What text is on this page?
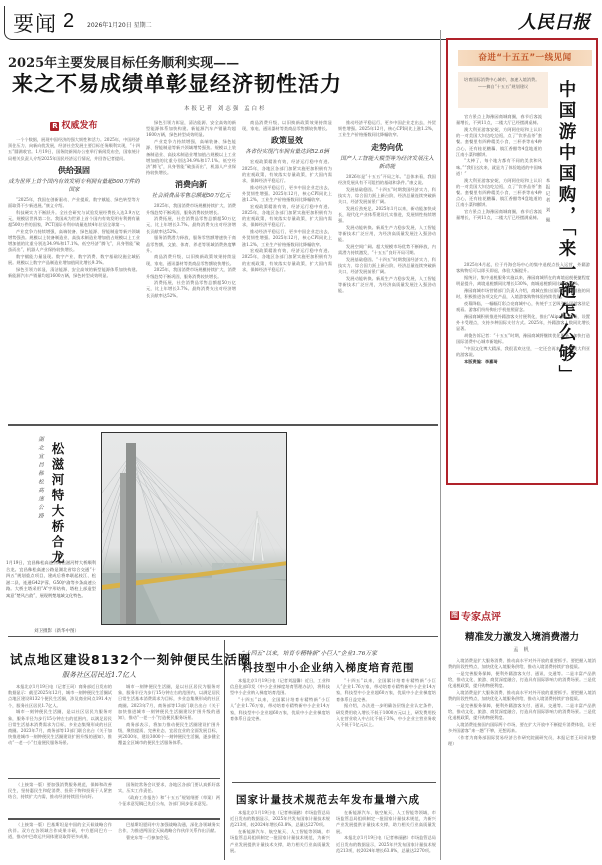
要闻 2 2026年1月20日 星期二	人民日报
2025年主要发展目标任务顺利实现——
来之不易成绩单彰显经济韧性活力
本报记者 刘志强 孟白杉
R 权威发布

一个个数据，展现中国经济的强大韧性和活力。2025年，中国经济顶住压力、向新向优发展，经济社会发展主要目标任务顺利实现，“十四五”圆满收官。1月19日，国务院新闻办公室举行新闻发布会，国家统计局相关负责人介绍2025年国民经济运行情况，并回答记者提问。

供给强固
成为世界上首个国内有效发明专利拥有量超500万件的国家

“2025年，我国在创新驱动、产业提质、数字赋能、绿色转型等方面取得不少新进展。”康义介绍。

科技硬实力不断跃升。全社会研究与试验发展经费投入达3.9万亿元，规模居世界第二位。我国成为世界上首个国内有效发明专利拥有量超500万件的国家，PCT国际专利申请量连续4年位居全球第一。

产业竞争力持续增强，高端装备、绿色能源、智能制造等新兴领域增势强劲。规模以上装备制造业、高技术制造业增加值占规模以上工业增加值的比重分别达34.9%和17.1%。低空经济“腾飞”，具身智能“破茧而出”，机器人产业保持较快增长。

数字赋能力量显现。数字产业、数字消费、数字基础设施全域拓展。规模以上数字产品制造业增加值同比增长9.3%。

绿色引领力彰显，清洁能源、安全高效的新型能源体系加快构建。新能源汽车产销量均超1600万辆，绿色转型成效明显。

绿色引领力彰显，清洁能源、安全高效的新型能源体系加快构建。新能源汽车产销量均超1600万辆，绿色转型成效明显。

产业竞争力持续增强，高端装备、绿色能源、智能制造等新兴领域增势强劲。规模以上装备制造业、高技术制造业增加值占规模以上工业增加值的比重分别达34.9%和17.1%。低空经济“腾飞”，具身智能“破茧而出”，机器人产业保持较快增长。

消费向新
社会消费品零售总额超50万亿元

2025年，我国消费市场规模持续扩大，消费升级趋势不断巩固，服务消费较快增长。

消费拓展，社会消费品零售总额超50万亿元，比上年增长3.7%。最终消费支出对经济增长贡献率达52%。

服务消费潜力释放，服务零售额增速快于商品零售额，文旅、体育、养老等领域消费热度攀升。

商品消费升级，以旧换新政策效果持续显现，家电、通讯器材等类商品零售额较快增长。

2025年，我国消费市场规模持续扩大，消费升级趋势不断巩固，服务消费较快增长。

消费拓展，社会消费品零售总额超50万亿元，比上年增长3.7%。最终消费支出对经济增长贡献率达52%。

商品消费升级，以旧换新政策效果持续显现，家电、通讯器材等类商品零售额较快增长。

政策显效
各省份实现汽车拥有量达到52.6辆

宏观政策精准有效，经济运行稳中有进。2025年，各地区各部门加紧实施更加积极有为的宏观政策，有效落实存量政策，扩大国内需求，保障经济平稳运行。

推动经济平稳运行，更多中国企业走出去，外贸韧性增强。2025年12月，核心CPI同比上涨1.2%，工业生产价格指数同比降幅收窄。

宏观政策精准有效，经济运行稳中有进。2025年，各地区各部门加紧实施更加积极有为的宏观政策，有效落实存量政策，扩大国内需求，保障经济平稳运行。

推动经济平稳运行，更多中国企业走出去，外贸韧性增强。2025年12月，核心CPI同比上涨1.2%，工业生产价格指数同比降幅收窄。

宏观政策精准有效，经济运行稳中有进。2025年，各地区各部门加紧实施更加积极有为的宏观政策，有效落实存量政策，扩大国内需求，保障经济平稳运行。

推动经济平稳运行，更多中国企业走出去，外贸韧性增强。2025年12月，核心CPI同比上涨1.2%，工业生产价格指数同比降幅收窄。

走势向优
国产人工智能大模型等为经济发展注入新动能

2026年是“十五五”开局之年。“总体来看，我国经济发展具有不可阻挡的基础和条件。”康义说。

发展基础稳固。“十四五”时期我国经济实力、科技实力、综合国力跃上新台阶，经济总量连续突破新关口，经济发展前景广阔。

发展后劲充足。2025年1月以来，新动能加快成长，现代化产业体系建设扎实推进，发展韧性持续增强。

发展动能转换。新质生产力稳步发展，人工智能等新技术广泛应用，为经济高质量发展注入强劲动能。

发展空间广阔。超大规模市场优势不断释放，内需潜力持续激发，“十五五”良好开局可期。

发展基础稳固。“十四五”时期我国经济实力、科技实力、综合国力跃上新台阶，经济总量连续突破新关口，经济发展前景广阔。

发展动能转换。新质生产力稳步发展，人工智能等新技术广泛应用，为经济高质量发展注入强劲动能。

湖北宜昌秭松高速公路 松滋河特大桥合龙
1月19日，宜昌秭松高速公路松滋河特大桥顺利合龙。宜昌秭松高速公路是湖北省综合交通“十四五”规划重点项目，建成后将串联起枝江、松滋二县，连通G42沪蓉、G50沪渝等多条高速公路。大桥主塔采用“A”字形结构，塔柱上部造型寓意“楚风古韵”，展现荆楚地域文化特色。
刘卫摄影（新华中图）
试点地区建设8132个一刻钟便民生活圈
服务社区居民近1.7亿人

本报北京1月19日电（记者王珂）商务部近日发布的数据显示：截至2025年12月，城市一刻钟便民生活圈试点地区建设8132个便民生活圈，涉及商业网点191.4万个，服务社区居民1.7亿人。

城市一刻钟便民生活圈，是以社区居民为服务对象，服务半径为步行15分钟左右的范围内，以满足居民日常生活基本消费需求为目标，多业态集聚形成的社区商圈。2023年7月，商务部等13部门联合出台《关于加快推进城市一刻钟便民生活圈建设扩围升级的通知》，推动“一老一小”打造便民服务场景。

城市一刻钟便民生活圈，是以社区居民为服务对象，服务半径为步行15分钟左右的范围内，以满足居民日常生活基本消费需求为目标，多业态集聚形成的社区商圈。2023年7月，商务部等13部门联合出台《关于加快推进城市一刻钟便民生活圈建设扩围升级的通知》，推动“一老一小”打造便民服务场景。

商务部表示，将加力推动便民生活圈建设扩围升级，聚焦提质、完善业态、宜居宜业的全面发展目标，到2030年，建设3000个一刻钟便民生活圈，逐步健全覆盖全区城市的便民生活服务体系。

（上接第一版）要加强消费服务规范，保障和改善民生，坚持惠民生和促消费、投资于物和投资于人紧密结合，持续扩大内需，推动经济持续回升向好。

国务院常务会议要求，各地区各部门要认真抓好落实，压实工作责任。

《政府工作报告》和“十五五”规划纲要（草案）两个征求意见稿已先后公布，各部门同步征求意见。

（上接第一版）巴基斯坦是中国的全天候战略合作伙伴。双方在各领域合作成果丰硕，中方愿同巴方一道，推动中巴命运共同体建设取得更多成果。

巴基斯坦愿同中方加强战略沟通，深化各领域务实合作，为推进两国全天候战略合作伙伴关系作出贡献。

曹宪东等一行参加会见。

“十四五”以来，培育专精特新“小巨人”企业1.76万家
科技型中小企业纳入梯度培育范围

本报北京1月19日电（记者刘温馨）近日，工业和信息化部印发《中小企业梯度培育管理办法》，将科技型中小企业纳入梯度培育范围。

“十四五”以来，全国累计培育专精特新“小巨人”企业1.76万家，带动培育专精特新中小企业14万家，科技型中小企业超60万家，优质中小企业梯度培育体系日益完善。

“十四五”以来，全国累计培育专精特新“小巨人”企业1.76万家，带动培育专精特新中小企业14万家，科技型中小企业超60万家，优质中小企业梯度培育体系日益完善。

据介绍，办法进一步明确各层级企业认定条件，研发费用收入增长不低于1000万元以上，研发费用投入在营业收入中占比不低于3%，中小企业主营业务收入不低于1亿元以上。

国家计量技术规范去年发布量增六成

本报北京1月19日电（记者林丽鹂）市场监管总局近日发布的数据显示，2025年共发布国家计量技术规范213项，较2024年增长63.8%，总量达2270项。

在新能源汽车、航空航天、人工智能等领域，市场监管总局组织制定一批国家计量技术规范，为新兴产业发展提供计量技术支撑，助力相关行业高质量发展。

在新能源汽车、航空航天、人工智能等领域，市场监管总局组织制定一批国家计量技术规范，为新兴产业发展提供计量技术支撑，助力相关行业高质量发展。

本报北京1月19日电（记者林丽鹂）市场监管总局近日发布的数据显示，2025年共发布国家计量技术规范213项，较2024年增长63.8%，总量达2270项。

奋进“十五五”一线见闻
培育国际消费中心城市，加速入境消费。
——摘自“十五五”规划建议	中国游中国购，「来一趟怎么够」
本报记者 刘 佩

官方景点上海豫园商城商圈，春节后客流量增长，不到11点，二楼大厅已经摆满桌椅。

澳大利亚游客安妮，方阿阿往昭和上认识的一对美国大妇边吃边逛，点了“饮茶品茶”套餐。套餐里有四种精美小食，三杯茶等布4种点心，还有桂花糖藕、镇江香醋等4盘地道的江南小菜和酥饼。

“太棒了，每个地方都有不同的美食和风味。”“我们这次来，就是为了体验地道的中国味道！”

澳大利亚游客安妮，方阿阿往昭和上认识的一对美国大妇边吃边逛，点了“饮茶品茶”套餐。套餐里有四种精美小食，三杯茶等布4种点心，还有桂花糖藕、镇江香醋等4盘地道的江南小菜和酥饼。

官方景点上海豫园商城商圈，春节后客流量增长，不到11点，二楼大厅已经摆满桌椅。

2025年4月起，位于丹海会场中心的集中退税点投入运营，外籍游客购物后可以即买即退，体验大幅提升。

据统计，集中退税服务实施以来，豫园商城所在的离境退税便捷程度明显提升，离境退税额同比增长130%，商城退税额同比增长25%。

豫园商城市场营销部门负责人介绍，商城在推出国际化服务措施的同时，积极推进各项文化产品，入境游客购物体验持续优化。

夜幕降临，一幅幅灯彩点亮商城中心，传统手工艺吸引外国游客驻足观看。游客们纷纷掏出手机拍照留念。

豫园商城积极推进外籍游客支付便利化，推出“Alipay+”服务，设置外卡受理点，支持多种国际支付方式。2025年，外籍游客人数同比增长显著。

胡俊告诉记者：“十五五”时期，豫园商城将继续优化服务，加快打造国际消费中心城市新地标。

“中国文化博大精深，我很喜欢这里，一定还会再来。”来自澳大利亚的游客说。

本版责编：李嘉琦

图 专家点评
精准发力激发入境消费潜力
孟 帆

入境消费是扩大服务消费、推动高水平对外开放的重要抓手。要把握入境消费的阶段性特点，加快优化入境服务供给，推动入境消费持续扩容提质。

一是完善服务保障，便利外籍游客支付、通讯、交通等。二是丰富产品供给，推动文化、旅游、商贸深度融合，打造具有国际影响力的消费场景。三是优化退税政策，提升购物便利度。

入境消费是扩大服务消费、推动高水平对外开放的重要抓手。要把握入境消费的阶段性特点，加快优化入境服务供给，推动入境消费持续扩容提质。

一是完善服务保障，便利外籍游客支付、通讯、交通等。二是丰富产品供给，推动文化、旅游、商贸深度融合，打造具有国际影响力的消费场景。三是优化退税政策，提升购物便利度。

入境消费连接国内国际两个市场，要在扩大开放中不断提升消费体验，让更多外国游客“来一趟”不够，还想再来。

（作者为商务部国际贸易经济合作研究院副研究员，本报记者王珂采访整理）
